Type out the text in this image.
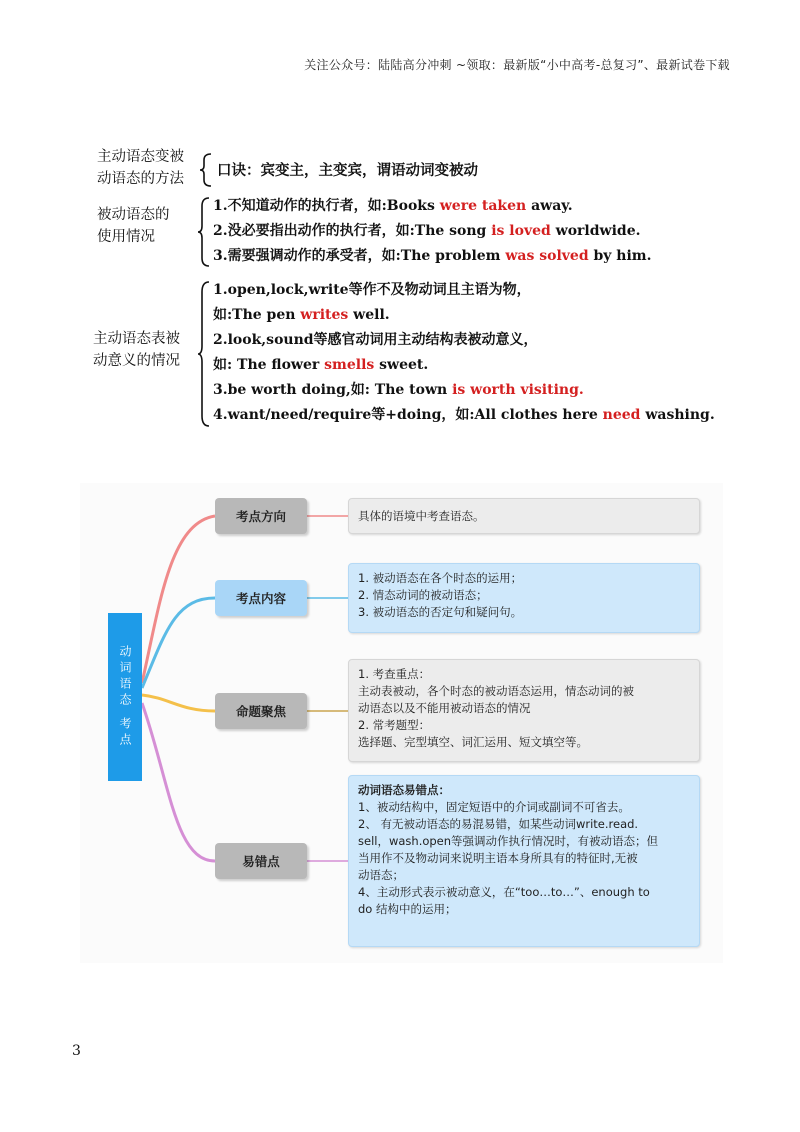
关注公众号：陆陆高分冲刺 ~领取：最新版“小中高考-总复习”、最新试卷下载
主动语态变被
动语态的方法 口诀：宾变主，主变宾，谓语动词变被动
被动语态的
使用情况
1.不知道动作的执行者，如:Books were taken away.
2.没必要指出动作的执行者，如:The song is loved worldwide.
3.需要强调动作的承受者，如:The problem was solved by him.
主动语态表被
动意义的情况
1.open,lock,write等作不及物动词且主语为物，
如:The pen writes well.
2.look,sound等感官动词用主动结构表被动意义，
如: The flower smells sweet.
3.be worth doing,如: The town is worth visiting.
4.want/need/require等+doing，如:All clothes here need washing.
动词语态 考点
考点方向
考点内容
命题聚焦
易错点
具体的语境中考查语态。
1. 被动语态在各个时态的运用；
2. 情态动词的被动语态；
3. 被动语态的否定句和疑问句。
1. 考查重点：
主动表被动，各个时态的被动语态运用，情态动词的被
动语态以及不能用被动语态的情况
2. 常考题型：
选择题、完型填空、词汇运用、短文填空等。
动词语态易错点：
1、被动结构中，固定短语中的介词或副词不可省去。
2、 有无被动语态的易混易错，如某些动词write.read.
sell，wash.open等强调动作执行情况时，有被动语态；但
当用作不及物动词来说明主语本身所具有的特征时,无被
动语态；
4、主动形式表示被动意义，在“too…to…”、enough to
do 结构中的运用；
3
